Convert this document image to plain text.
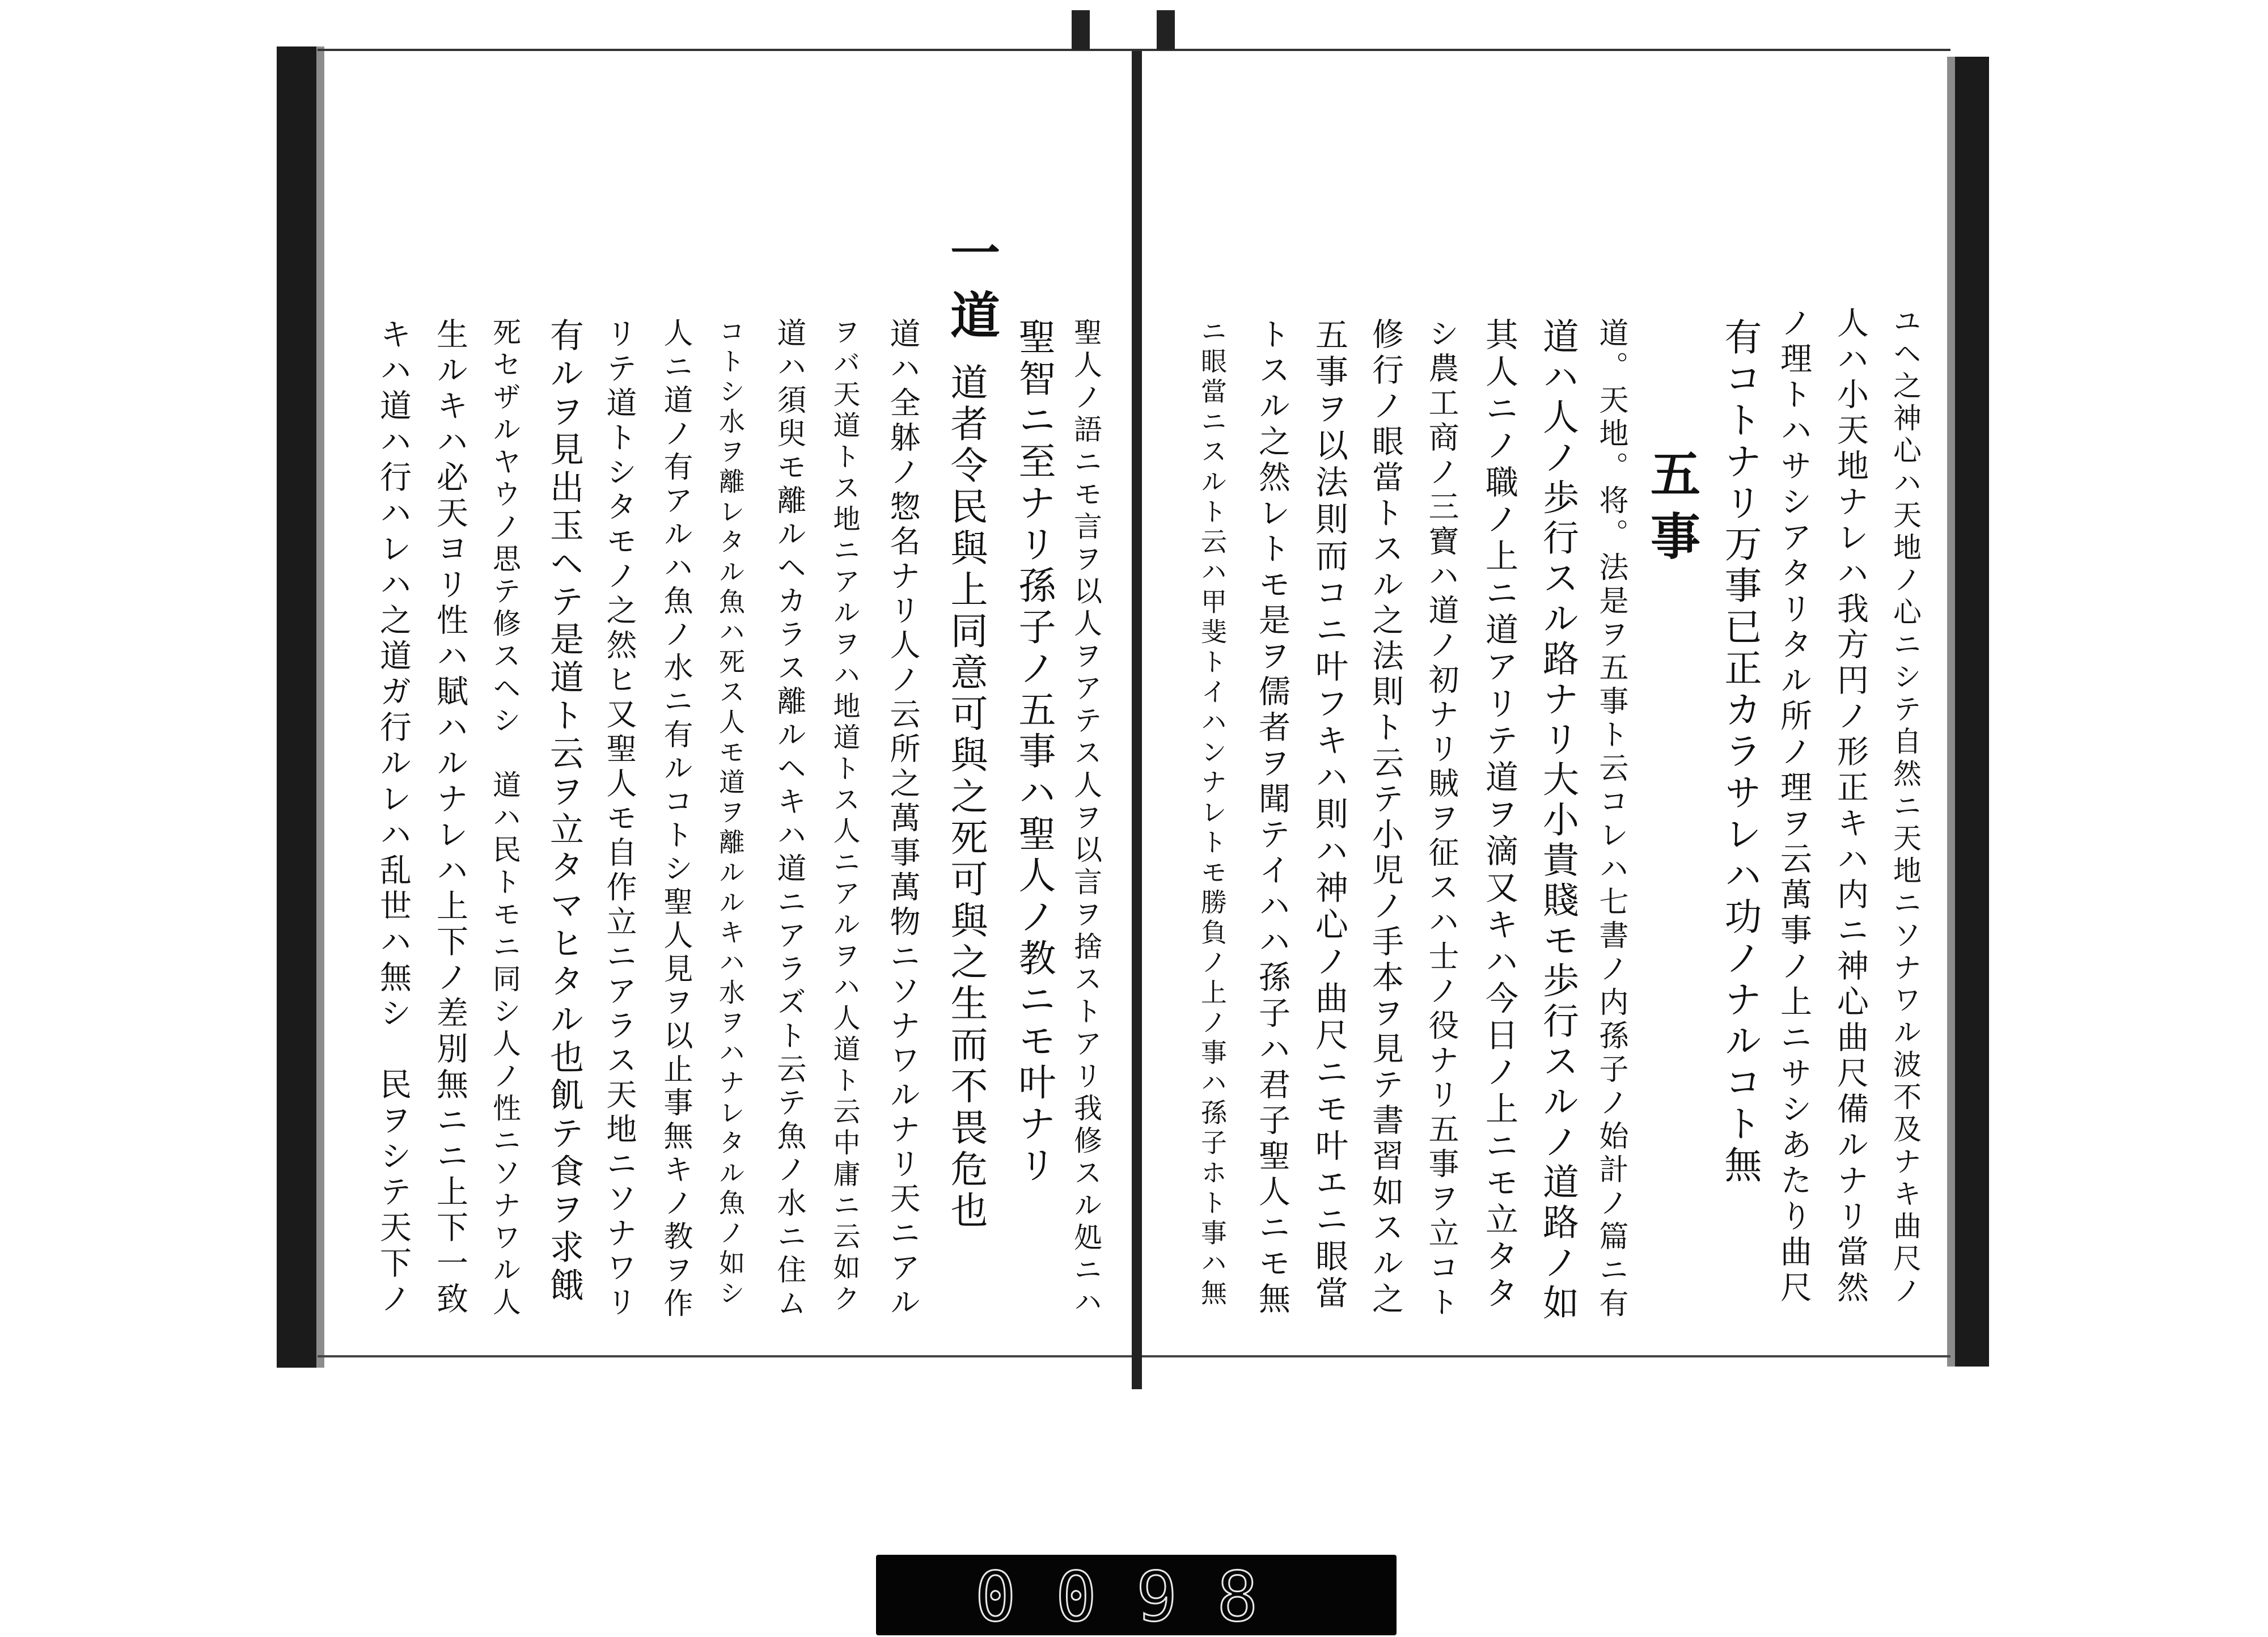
ユヘ之神心ハ天地ノ心ニシテ自然ニ天地ニソナワル波不及ナキ曲尺ノ
人ハ小天地ナレハ我方円ノ形正キハ内ニ神心曲尺備ルナリ當然
ノ理トハサシアタリタル所ノ理ヲ云萬事ノ上ニサシあたり曲尺
有コトナリ万事已正カラサレハ功ノナルコト無
五事
道。天地。将。法是ヲ五事ト云コレハ七書ノ内孫子ノ始計ノ篇ニ有
道ハ人ノ歩行スル路ナリ大小貴賤モ歩行スルノ道路ノ如
其人ニノ職ノ上ニ道アリテ道ヲ滴又キハ今日ノ上ニモ立タタ
シ農工商ノ三寶ハ道ノ初ナリ賊ヲ征スハ士ノ役ナリ五事ヲ立コト
修行ノ眼當トスル之法則ト云テ小児ノ手本ヲ見テ書習如スル之
五事ヲ以法則而コニ叶フキハ則ハ神心ノ曲尺ニモ叶エニ眼當
トスル之然レトモ是ヲ儒者ヲ聞テイハハ孫子ハ君子聖人ニモ無
ニ眼當ニスルト云ハ甲斐トイハンナレトモ勝負ノ上ノ事ハ孫子ホト事ハ無
聖人ノ語ニモ言ヲ以人ヲアテス人ヲ以言ヲ捨ストアリ我修スル処ニハ
聖智ニ至ナリ孫子ノ五事ハ聖人ノ教ニモ叶ナリ
一道
道者令民與上同意可與之死可與之生而不畏危也
道ハ全躰ノ惣名ナリ人ノ云所之萬事萬物ニソナワルナリ天ニアル
ヲバ天道トス地ニアルヲハ地道トス人ニアルヲハ人道ト云中庸ニ云如ク
道ハ須臾モ離ルヘカラス離ルヘキハ道ニアラズト云テ魚ノ水ニ住ム
コトシ水ヲ離レタル魚ハ死ス人モ道ヲ離ルルキハ水ヲハナレタル魚ノ如シ
人ニ道ノ有アルハ魚ノ水ニ有ルコトシ聖人見ヲ以止事無キノ教ヲ作
リテ道トシタモノ之然ヒ又聖人モ自作立ニアラス天地ニソナワリ
有ルヲ見出玉ヘテ是道ト云ヲ立タマヒタル也飢テ食ヲ求餓
死セザルヤウノ思テ修スヘシ　道ハ民トモニ同シ人ノ性ニソナワル人
生ルキハ必天ヨリ性ハ賦ハルナレハ上下ノ差別無ニニ上下一致
キハ道ハ行ハレハ之道ガ行ルレハ乱世ハ無シ　民ヲシテ天下ノ
0098
